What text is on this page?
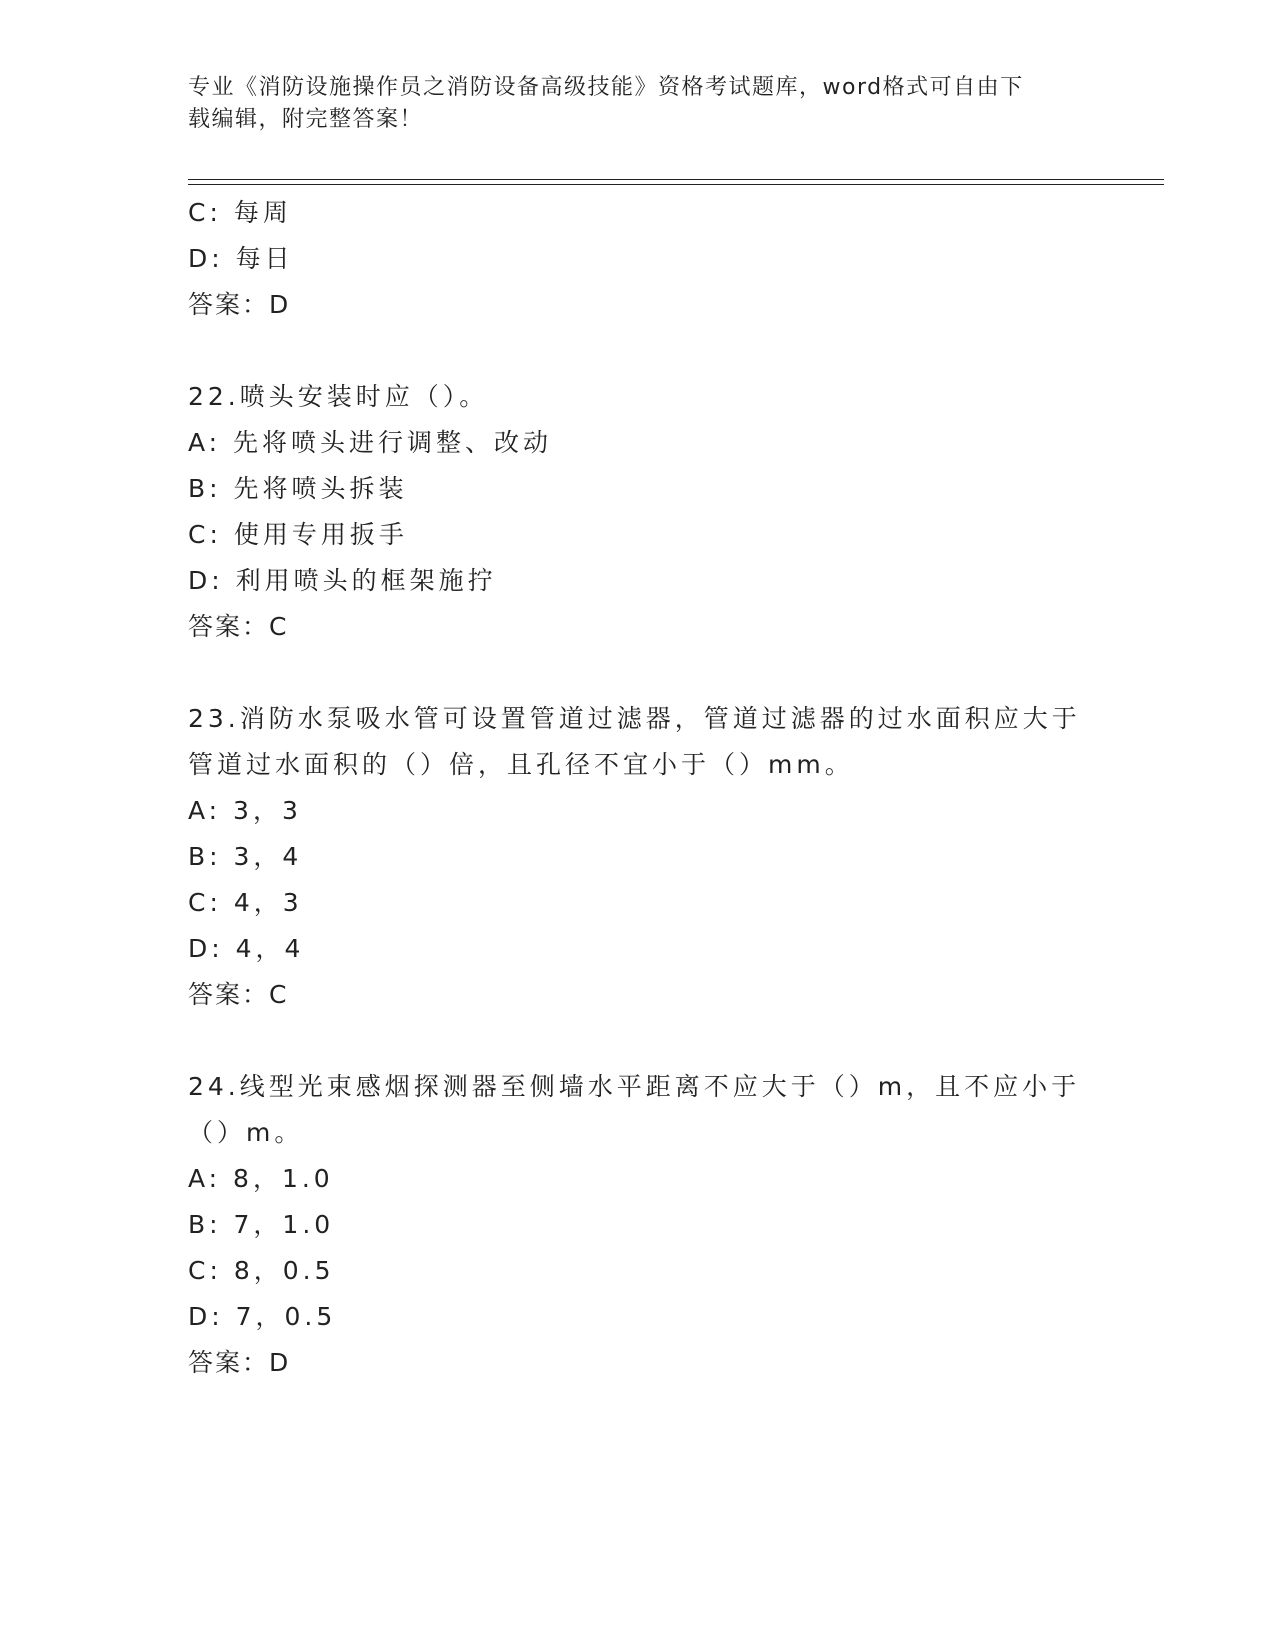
专业《消防设施操作员之消防设备高级技能》资格考试题库，word格式可自由下
载编辑，附完整答案！
C: 每周
D: 每日
答案：D
22.喷头安装时应（）。
A: 先将喷头进行调整、改动
B: 先将喷头拆装
C: 使用专用扳手
D: 利用喷头的框架施拧
答案：C
23.消防水泵吸水管可设置管道过滤器，管道过滤器的过水面积应大于
管道过水面积的（）倍，且孔径不宜小于（）mm。
A: 3，3
B: 3，4
C: 4，3
D: 4，4
答案：C
24.线型光束感烟探测器至侧墙水平距离不应大于（）m，且不应小于
（）m。
A: 8，1.0
B: 7，1.0
C: 8，0.5
D: 7，0.5
答案：D
